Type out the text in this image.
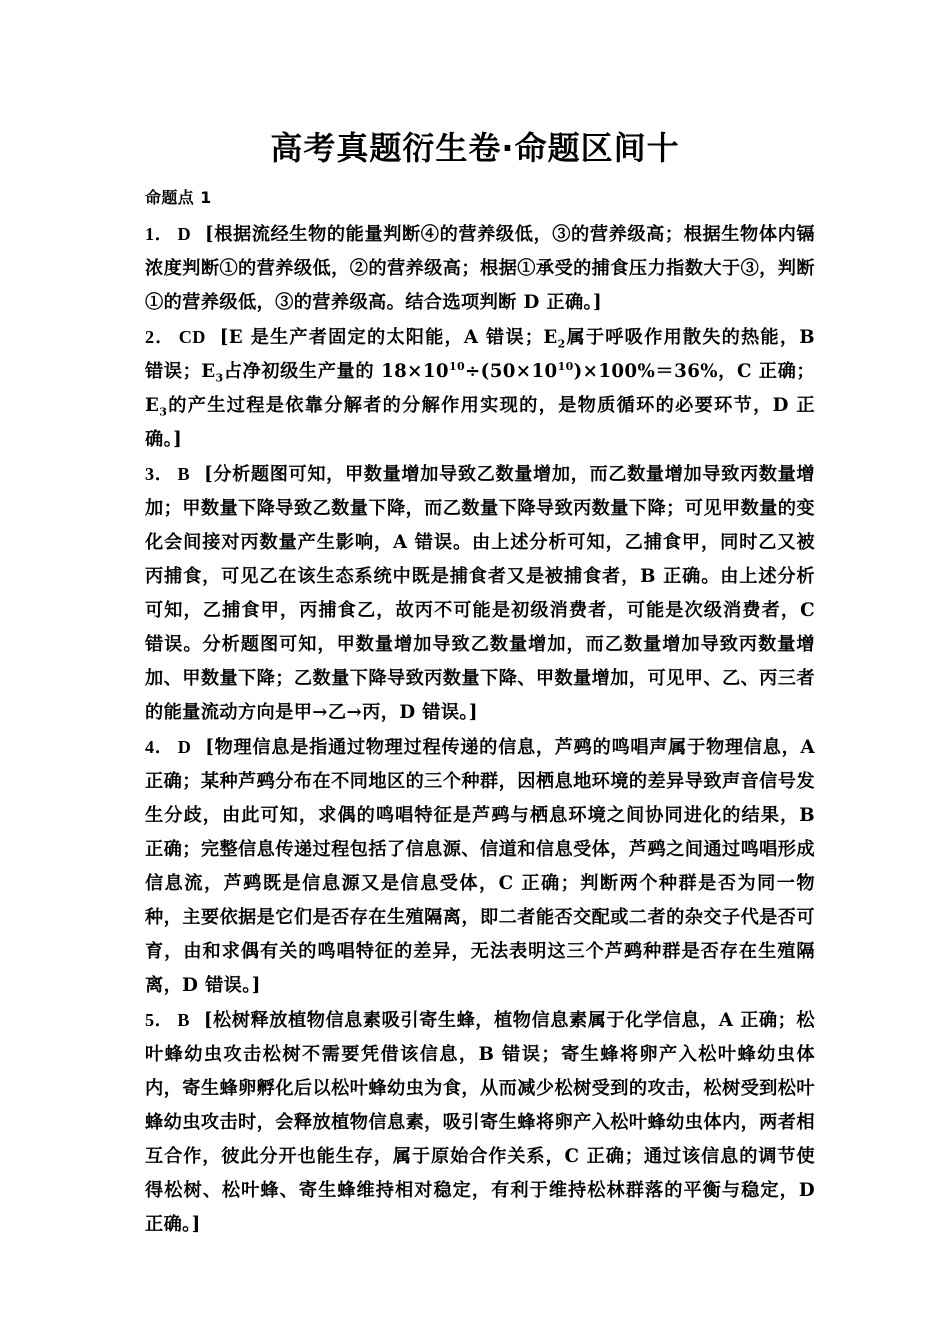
高考真题衍生卷·命题区间十
命题点 1

1． D [根据流经生物的能量判断④的营养级低，③的营养级高；根据生物体内镉浓度判断①的营养级低，②的营养级高；根据①承受的捕食压力指数大于③，判断①的营养级低，③的营养级高。结合选项判断 D 正确。]

2． CD [E 是生产者固定的太阳能，A 错误；$E_2$属于呼吸作用散失的热能，B 错误；$E_3$占净初级生产量的 $18\times 10^{10}\div(50\times 10^{10})\times 100\%=36\%$，C 正确；$E_3$的产生过程是依靠分解者的分解作用实现的，是物质循环的必要环节，D 正确。]

3． B [分析题图可知，甲数量增加导致乙数量增加，而乙数量增加导致丙数量增加；甲数量下降导致乙数量下降，而乙数量下降导致丙数量下降；可见甲数量的变化会间接对丙数量产生影响，A 错误。由上述分析可知，乙捕食甲，同时乙又被丙捕食，可见乙在该生态系统中既是捕食者又是被捕食者，B 正确。由上述分析可知，乙捕食甲，丙捕食乙，故丙不可能是初级消费者，可能是次级消费者，C 错误。分析题图可知，甲数量增加导致乙数量增加，而乙数量增加导致丙数量增加、甲数量下降；乙数量下降导致丙数量下降、甲数量增加，可见甲、乙、丙三者的能量流动方向是甲→乙→丙，D 错误。]

4． D [物理信息是指通过物理过程传递的信息，芦鹀的鸣唱声属于物理信息，A 正确；某种芦鹀分布在不同地区的三个种群，因栖息地环境的差异导致声音信号发生分歧，由此可知，求偶的鸣唱特征是芦鹀与栖息环境之间协同进化的结果，B 正确；完整信息传递过程包括了信息源、信道和信息受体，芦鹀之间通过鸣唱形成信息流，芦鹀既是信息源又是信息受体，C 正确；判断两个种群是否为同一物种，主要依据是它们是否存在生殖隔离，即二者能否交配或二者的杂交子代是否可育，由和求偶有关的鸣唱特征的差异，无法表明这三个芦鹀种群是否存在生殖隔离，D 错误。]

5． B [松树释放植物信息素吸引寄生蜂，植物信息素属于化学信息，A 正确；松叶蜂幼虫攻击松树不需要凭借该信息，B 错误；寄生蜂将卵产入松叶蜂幼虫体内，寄生蜂卵孵化后以松叶蜂幼虫为食，从而减少松树受到的攻击，松树受到松叶蜂幼虫攻击时，会释放植物信息素，吸引寄生蜂将卵产入松叶蜂幼虫体内，两者相互合作，彼此分开也能生存，属于原始合作关系，C 正确；通过该信息的调节使得松树、松叶蜂、寄生蜂维持相对稳定，有利于维持松林群落的平衡与稳定，D 正确。]
